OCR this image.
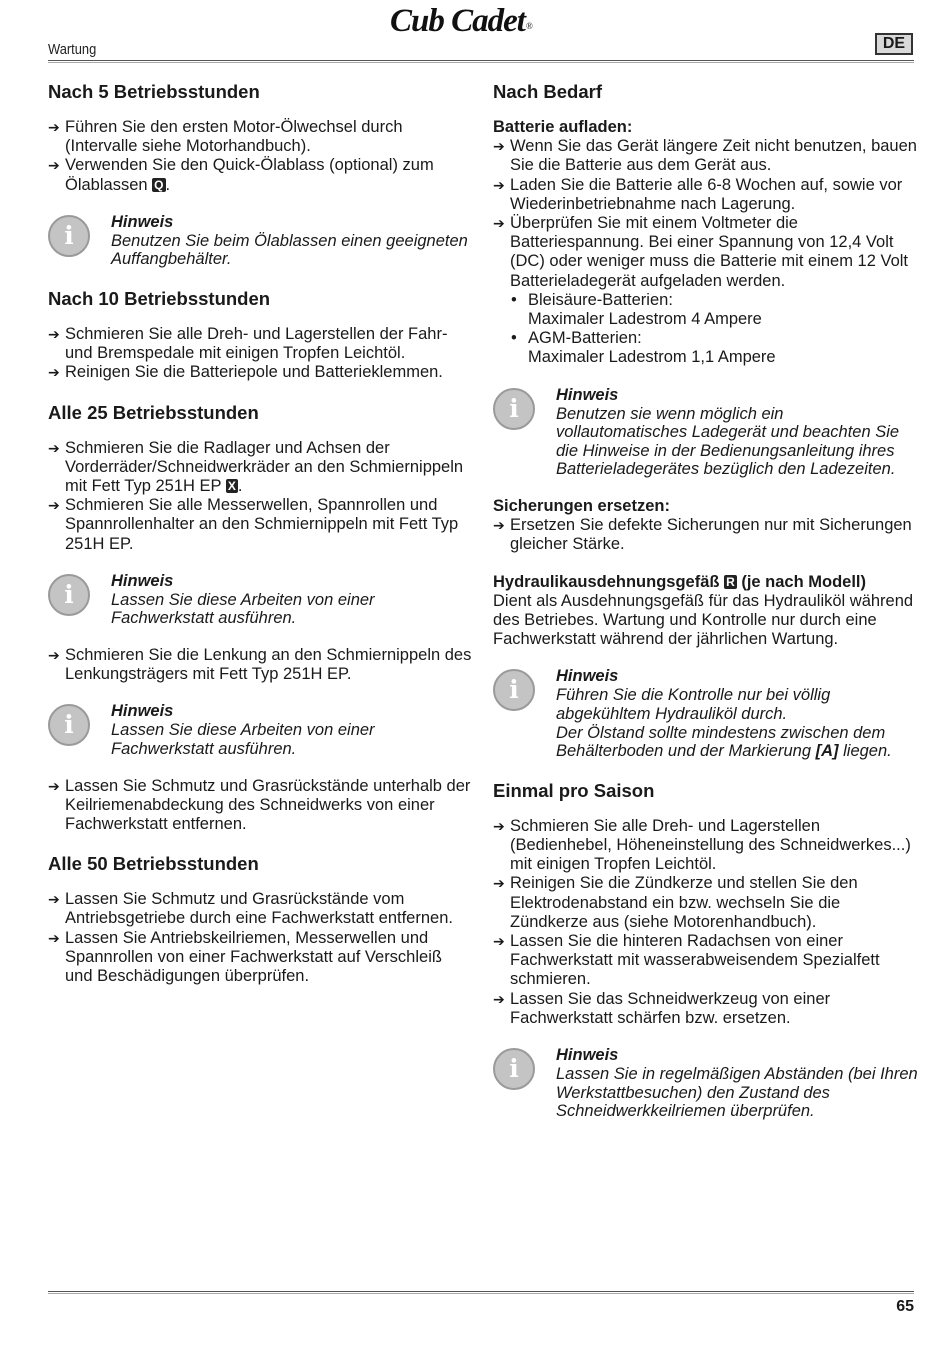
Cub Cadet®
Wartung	DE
Nach 5 Betriebsstunden
➔ Führen Sie den ersten Motor-Ölwechsel durch (Intervalle siehe Motorhandbuch).
➔ Verwenden Sie den Quick-Ölablass (optional) zum Ölablassen Q .
i	Hinweis
Benutzen Sie beim Ölablassen einen geeigneten Auffangbehälter.
Nach 10 Betriebsstunden
➔ Schmieren Sie alle Dreh- und Lagerstellen der Fahr- und Bremspedale mit einigen Tropfen Leichtöl.
➔ Reinigen Sie die Batteriepole und Batterieklemmen.
Alle 25 Betriebsstunden
➔ Schmieren Sie die Radlager und Achsen der Vorderräder/Schneidwerkräder an den Schmiernippeln mit Fett Typ 251H EP X .
➔ Schmieren Sie alle Messerwellen, Spannrollen und Spannrollenhalter an den Schmiernippeln mit Fett Typ 251H EP.
i	Hinweis
Lassen Sie diese Arbeiten von einer Fachwerkstatt ausführen.
➔ Schmieren Sie die Lenkung an den Schmiernippeln des Lenkungsträgers mit Fett Typ 251H EP.
i	Hinweis
Lassen Sie diese Arbeiten von einer Fachwerkstatt ausführen.
➔ Lassen Sie Schmutz und Grasrückstände unterhalb der Keilriemenabdeckung des Schneidwerks von einer Fachwerkstatt entfernen.
Alle 50 Betriebsstunden
➔ Lassen Sie Schmutz und Grasrückstände vom Antriebsgetriebe durch eine Fachwerkstatt entfernen.
➔ Lassen Sie Antriebskeilriemen, Messerwellen und Spannrollen von einer Fachwerkstatt auf Verschleiß und Beschädigungen überprüfen.
Nach Bedarf
Batterie aufladen:
➔ Wenn Sie das Gerät längere Zeit nicht benutzen, bauen Sie die Batterie aus dem Gerät aus.
➔ Laden Sie die Batterie alle 6-8 Wochen auf, sowie vor Wiederinbetriebnahme nach Lagerung.
➔ Überprüfen Sie mit einem Voltmeter die Batteriespannung. Bei einer Spannung von 12,4 Volt (DC) oder weniger muss die Batterie mit einem 12 Volt Batterieladegerät aufgeladen werden.
• Bleisäure-Batterien:
Maximaler Ladestrom 4 Ampere
• AGM-Batterien:
Maximaler Ladestrom 1,1 Ampere
i	Hinweis
Benutzen sie wenn möglich ein vollautomatisches Ladegerät und beachten Sie die Hinweise in der Bedienungsanleitung ihres Batterieladegerätes bezüglich den Ladezeiten.
Sicherungen ersetzen:
➔ Ersetzen Sie defekte Sicherungen nur mit Sicherungen gleicher Stärke.
Hydraulikausdehnungsgefäß R (je nach Modell)
Dient als Ausdehnungsgefäß für das Hydrauliköl während des Betriebes. Wartung und Kontrolle nur durch eine Fachwerkstatt während der jährlichen Wartung.
i	Hinweis
Führen Sie die Kontrolle nur bei völlig abgekühltem Hydrauliköl durch.
Der Ölstand sollte mindestens zwischen dem Behälterboden und der Markierung [A] liegen.
Einmal pro Saison
➔ Schmieren Sie alle Dreh- und Lagerstellen (Bedienhebel, Höheneinstellung des Schneidwerkes...) mit einigen Tropfen Leichtöl.
➔ Reinigen Sie die Zündkerze und stellen Sie den Elektrodenabstand ein bzw. wechseln Sie die Zündkerze aus (siehe Motorenhandbuch).
➔ Lassen Sie die hinteren Radachsen von einer Fachwerkstatt mit wasserabweisendem Spezialfett schmieren.
➔ Lassen Sie das Schneidwerkzeug von einer Fachwerkstatt schärfen bzw. ersetzen.
i	Hinweis
Lassen Sie in regelmäßigen Abständen (bei Ihren Werkstattbesuchen) den Zustand des Schneidwerkkeilriemen überprüfen.
65
